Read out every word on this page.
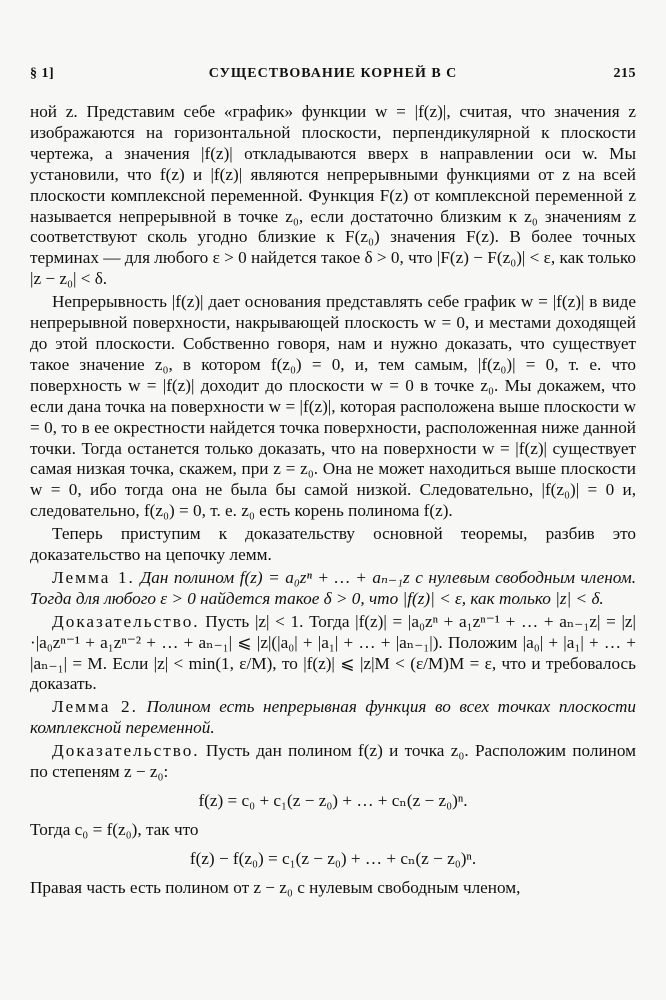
§ 1]	СУЩЕСТВОВАНИЕ КОРНЕЙ В C	215

ной z. Представим себе «график» функции w = |f(z)|, считая, что значения z изображаются на горизонтальной плоскости, перпендикулярной к плоскости чертежа, а значения |f(z)| откладываются вверх в направлении оси w. Мы установили, что f(z) и |f(z)| являются непрерывными функциями от z на всей плоскости комплексной переменной. Функция F(z) от комплексной переменной z называется непрерывной в точке z₀, если достаточно близким к z₀ значениям z соответствуют сколь угодно близкие к F(z₀) значения F(z). В более точных терминах — для любого ε > 0 найдется такое δ > 0, что |F(z) − F(z₀)| < ε, как только |z − z₀| < δ.

Непрерывность |f(z)| дает основания представлять себе график w = |f(z)| в виде непрерывной поверхности, накрывающей плоскость w = 0, и местами доходящей до этой плоскости. Собственно говоря, нам и нужно доказать, что существует такое значение z₀, в котором f(z₀) = 0, и, тем самым, |f(z₀)| = 0, т. е. что поверхность w = |f(z)| доходит до плоскости w = 0 в точке z₀. Мы докажем, что если дана точка на поверхности w = |f(z)|, которая расположена выше плоскости w = 0, то в ее окрестности найдется точка поверхности, расположенная ниже данной точки. Тогда останется только доказать, что на поверхности w = |f(z)| существует самая низкая точка, скажем, при z = z₀. Она не может находиться выше плоскости w = 0, ибо тогда она не была бы самой низкой. Следовательно, |f(z₀)| = 0 и, следовательно, f(z₀) = 0, т. е. z₀ есть корень полинома f(z).

Теперь приступим к доказательству основной теоремы, разбив это доказательство на цепочку лемм.

Лемма 1. Дан полином f(z) = a₀zⁿ + … + aₙ₋₁z с нулевым свободным членом. Тогда для любого ε > 0 найдется такое δ > 0, что |f(z)| < ε, как только |z| < δ.

Доказательство. Пусть |z| < 1. Тогда |f(z)| = |a₀zⁿ + a₁zⁿ⁻¹ + … + aₙ₋₁z| = |z|·|a₀zⁿ⁻¹ + a₁zⁿ⁻² + … + aₙ₋₁| ⩽ |z|(|a₀| + |a₁| + … + |aₙ₋₁|). Положим |a₀| + |a₁| + … + |aₙ₋₁| = M. Если |z| < min(1, ε/M), то |f(z)| ⩽ |z|M < (ε/M)M = ε, что и требовалось доказать.

Лемма 2. Полином есть непрерывная функция во всех точках плоскости комплексной переменной.

Доказательство. Пусть дан полином f(z) и точка z₀. Расположим полином по степеням z − z₀:

f(z) = c₀ + c₁(z − z₀) + … + cₙ(z − z₀)ⁿ.

Тогда c₀ = f(z₀), так что

f(z) − f(z₀) = c₁(z − z₀) + … + cₙ(z − z₀)ⁿ.

Правая часть есть полином от z − z₀ с нулевым свободным членом,
